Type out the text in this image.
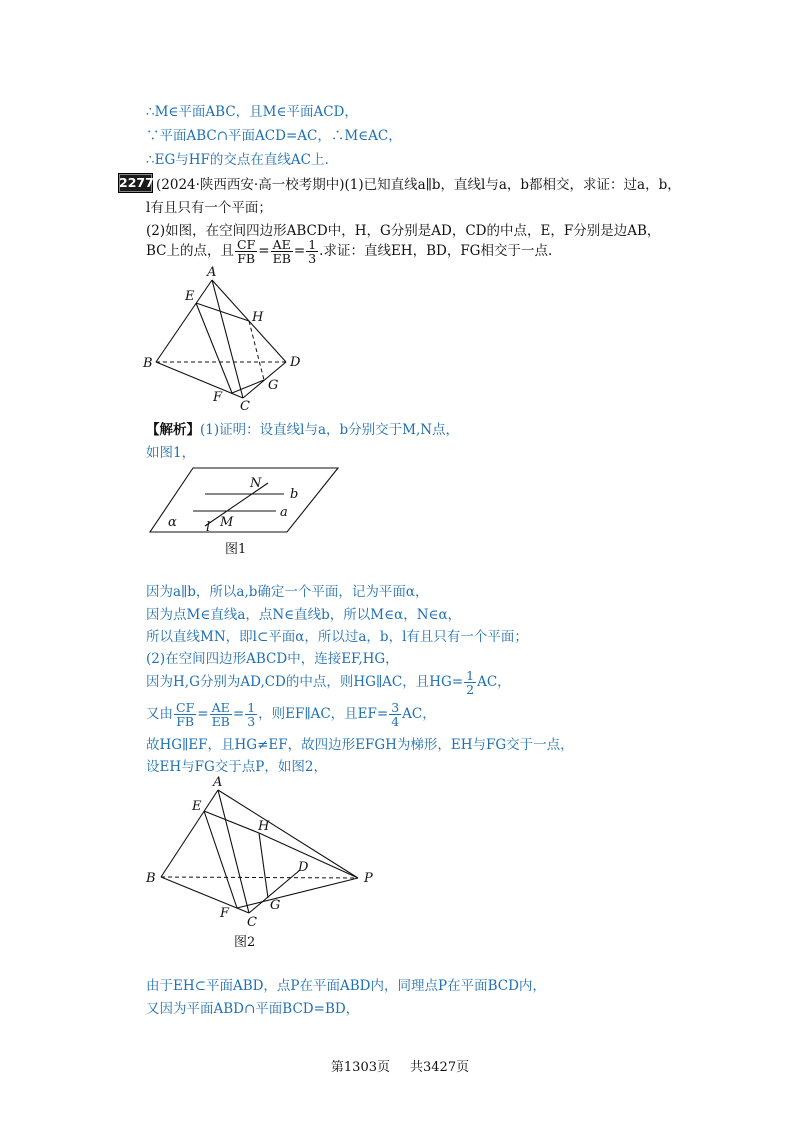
∴M∈平面ABC，且M∈平面ACD，
∵平面ABC∩平面ACD=AC，∴M∈AC，
∴EG与HF的交点在直线AC上.
2277 (2024·陕西西安·高一校考期中)(1)已知直线a∥b，直线l与a，b都相交，求证：过a，b，
l有且只有一个平面；
(2)如图，在空间四边形ABCD中，H，G分别是AD，CD的中点，E，F分别是边AB，
BC上的点，且 $\frac{CF}{FB} = \frac{AE}{EB} = \frac{1}{3}$ .求证：直线EH，BD，FG相交于一点.
A
E
H
B	D
G
F
C
【解析】(1)证明：设直线l与a，b分别交于M,N点，
如图1，
N
b
a
α l M
图1
因为a∥b，所以a,b确定一个平面，记为平面α，
因为点M∈直线a，点N∈直线b，所以M∈α，N∈α，
所以直线MN，即l⊂平面α，所以过a，b，l有且只有一个平面；
(2)在空间四边形ABCD中，连接EF,HG，
因为H,G分别为AD,CD的中点，则HG∥AC，且$HG= \frac{1}{2}$ AC，
又由 $\frac{CF}{FB} = \frac{AE}{EB} = \frac{1}{3}$ ，则EF∥AC，且$EF= \frac{3}{4}$ AC，
故HG∥EF，且HG≠EF，故四边形EFGH为梯形，EH与FG交于一点，
设EH与FG交于点P，如图2，
A
E
H
B
D
P
F
G
C
图2
由于EH⊂平面ABD，点P在平面ABD内，同理点P在平面BCD内，
又因为平面ABD∩平面BCD=BD，
第1303页 共3427页
